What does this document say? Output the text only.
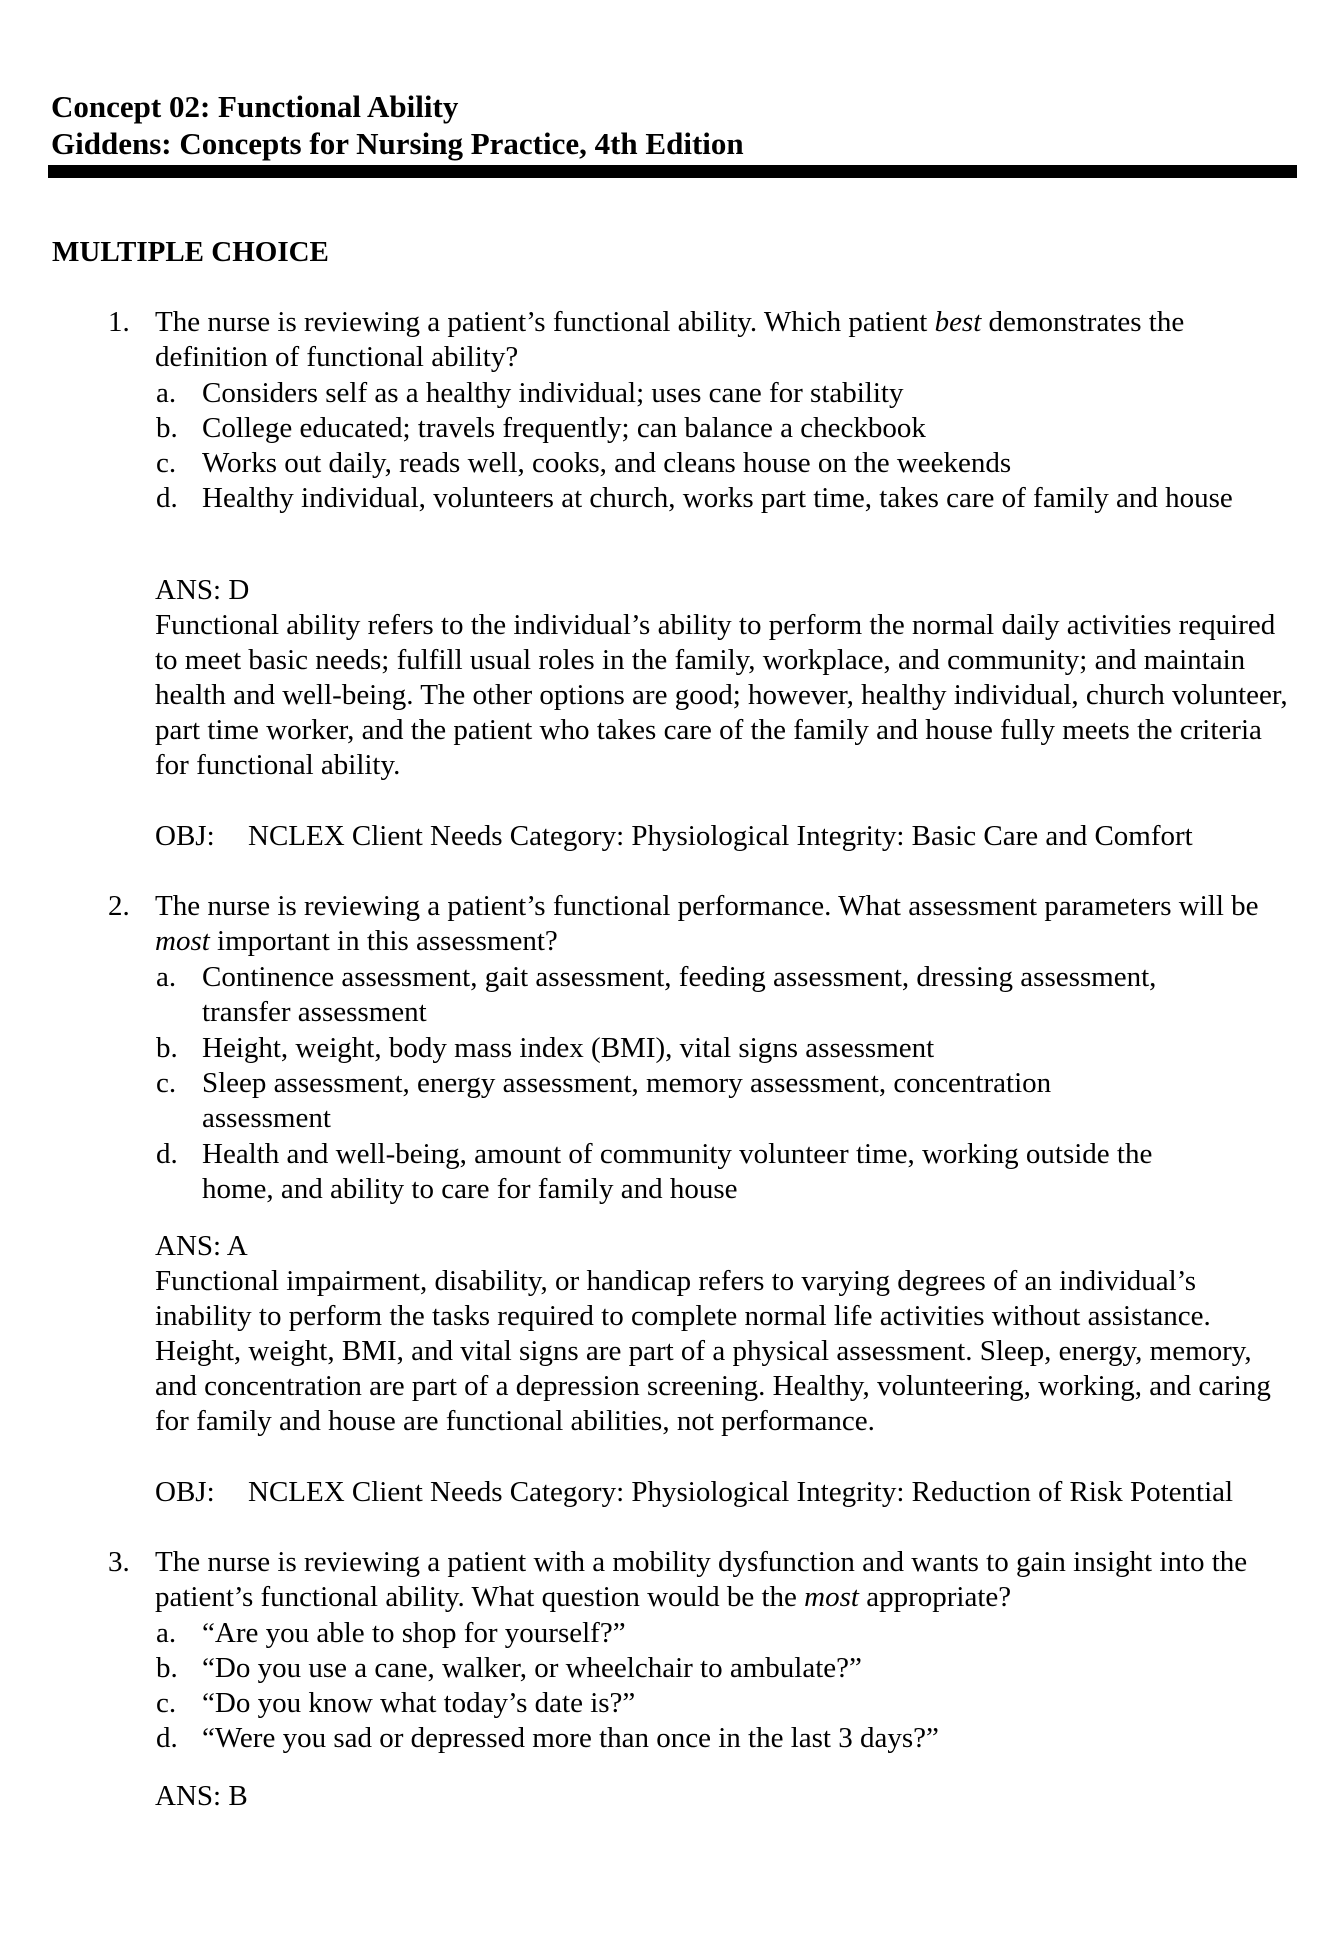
Concept 02: Functional Ability
Giddens: Concepts for Nursing Practice, 4th Edition
MULTIPLE CHOICE
1. The nurse is reviewing a patient’s functional ability. Which patient best demonstrates the definition of functional ability?
a. Considers self as a healthy individual; uses cane for stability
b. College educated; travels frequently; can balance a checkbook
c. Works out daily, reads well, cooks, and cleans house on the weekends
d. Healthy individual, volunteers at church, works part time, takes care of family and house
ANS: D
Functional ability refers to the individual’s ability to perform the normal daily activities required to meet basic needs; fulfill usual roles in the family, workplace, and community; and maintain health and well-being. The other options are good; however, healthy individual, church volunteer, part time worker, and the patient who takes care of the family and house fully meets the criteria for functional ability.
OBJ: NCLEX Client Needs Category: Physiological Integrity: Basic Care and Comfort
2. The nurse is reviewing a patient’s functional performance. What assessment parameters will be most important in this assessment?
a. Continence assessment, gait assessment, feeding assessment, dressing assessment, transfer assessment
b. Height, weight, body mass index (BMI), vital signs assessment
c. Sleep assessment, energy assessment, memory assessment, concentration assessment
d. Health and well-being, amount of community volunteer time, working outside the home, and ability to care for family and house
ANS: A
Functional impairment, disability, or handicap refers to varying degrees of an individual’s inability to perform the tasks required to complete normal life activities without assistance. Height, weight, BMI, and vital signs are part of a physical assessment. Sleep, energy, memory, and concentration are part of a depression screening. Healthy, volunteering, working, and caring for family and house are functional abilities, not performance.
OBJ: NCLEX Client Needs Category: Physiological Integrity: Reduction of Risk Potential
3. The nurse is reviewing a patient with a mobility dysfunction and wants to gain insight into the patient’s functional ability. What question would be the most appropriate?
a. “Are you able to shop for yourself?”
b. “Do you use a cane, walker, or wheelchair to ambulate?”
c. “Do you know what today’s date is?”
d. “Were you sad or depressed more than once in the last 3 days?”
ANS: B
